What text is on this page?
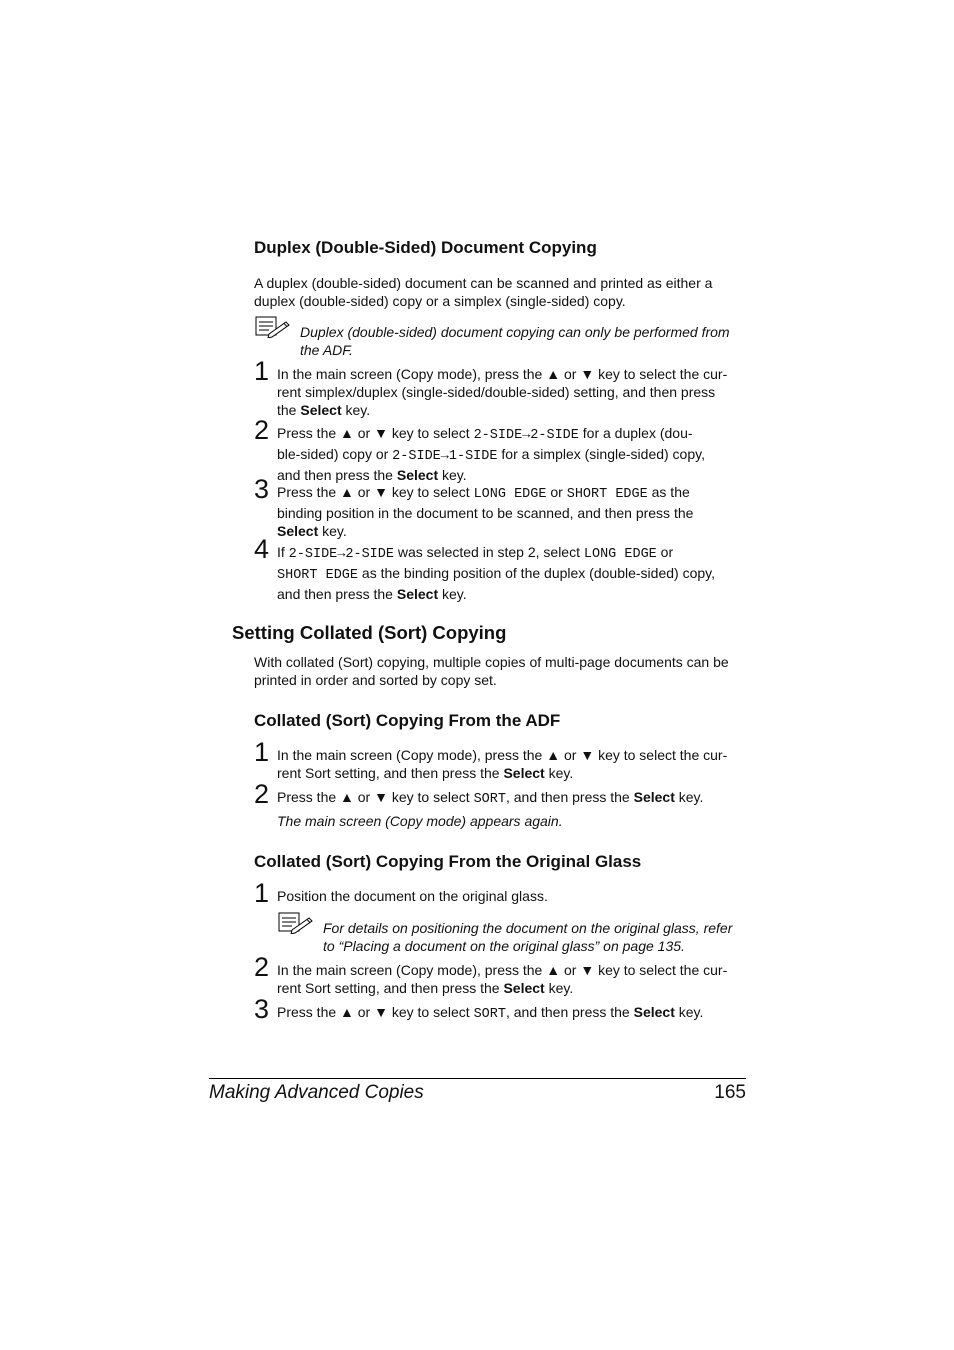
Duplex (Double-Sided) Document Copying
A duplex (double-sided) document can be scanned and printed as either a
duplex (double-sided) copy or a simplex (single-sided) copy.
Duplex (double-sided) document copying can only be performed from
the ADF.
1 In the main screen (Copy mode), press the ▲ or ▼ key to select the cur-
rent simplex/duplex (single-sided/double-sided) setting, and then press
the Select key.
2 Press the ▲ or ▼ key to select 2-SIDE→2-SIDE for a duplex (dou-
ble-sided) copy or 2-SIDE→1-SIDE for a simplex (single-sided) copy,
and then press the Select key.
3 Press the ▲ or ▼ key to select LONG EDGE or SHORT EDGE as the
binding position in the document to be scanned, and then press the
Select key.
4 If 2-SIDE→2-SIDE was selected in step 2, select LONG EDGE or
SHORT EDGE as the binding position of the duplex (double-sided) copy,
and then press the Select key.
Setting Collated (Sort) Copying
With collated (Sort) copying, multiple copies of multi-page documents can be
printed in order and sorted by copy set.
Collated (Sort) Copying From the ADF
1 In the main screen (Copy mode), press the ▲ or ▼ key to select the cur-
rent Sort setting, and then press the Select key.
2 Press the ▲ or ▼ key to select SORT, and then press the Select key.
The main screen (Copy mode) appears again.
Collated (Sort) Copying From the Original Glass
1 Position the document on the original glass.
For details on positioning the document on the original glass, refer
to “Placing a document on the original glass” on page 135.
2 In the main screen (Copy mode), press the ▲ or ▼ key to select the cur-
rent Sort setting, and then press the Select key.
3 Press the ▲ or ▼ key to select SORT, and then press the Select key.
Making Advanced Copies	165
